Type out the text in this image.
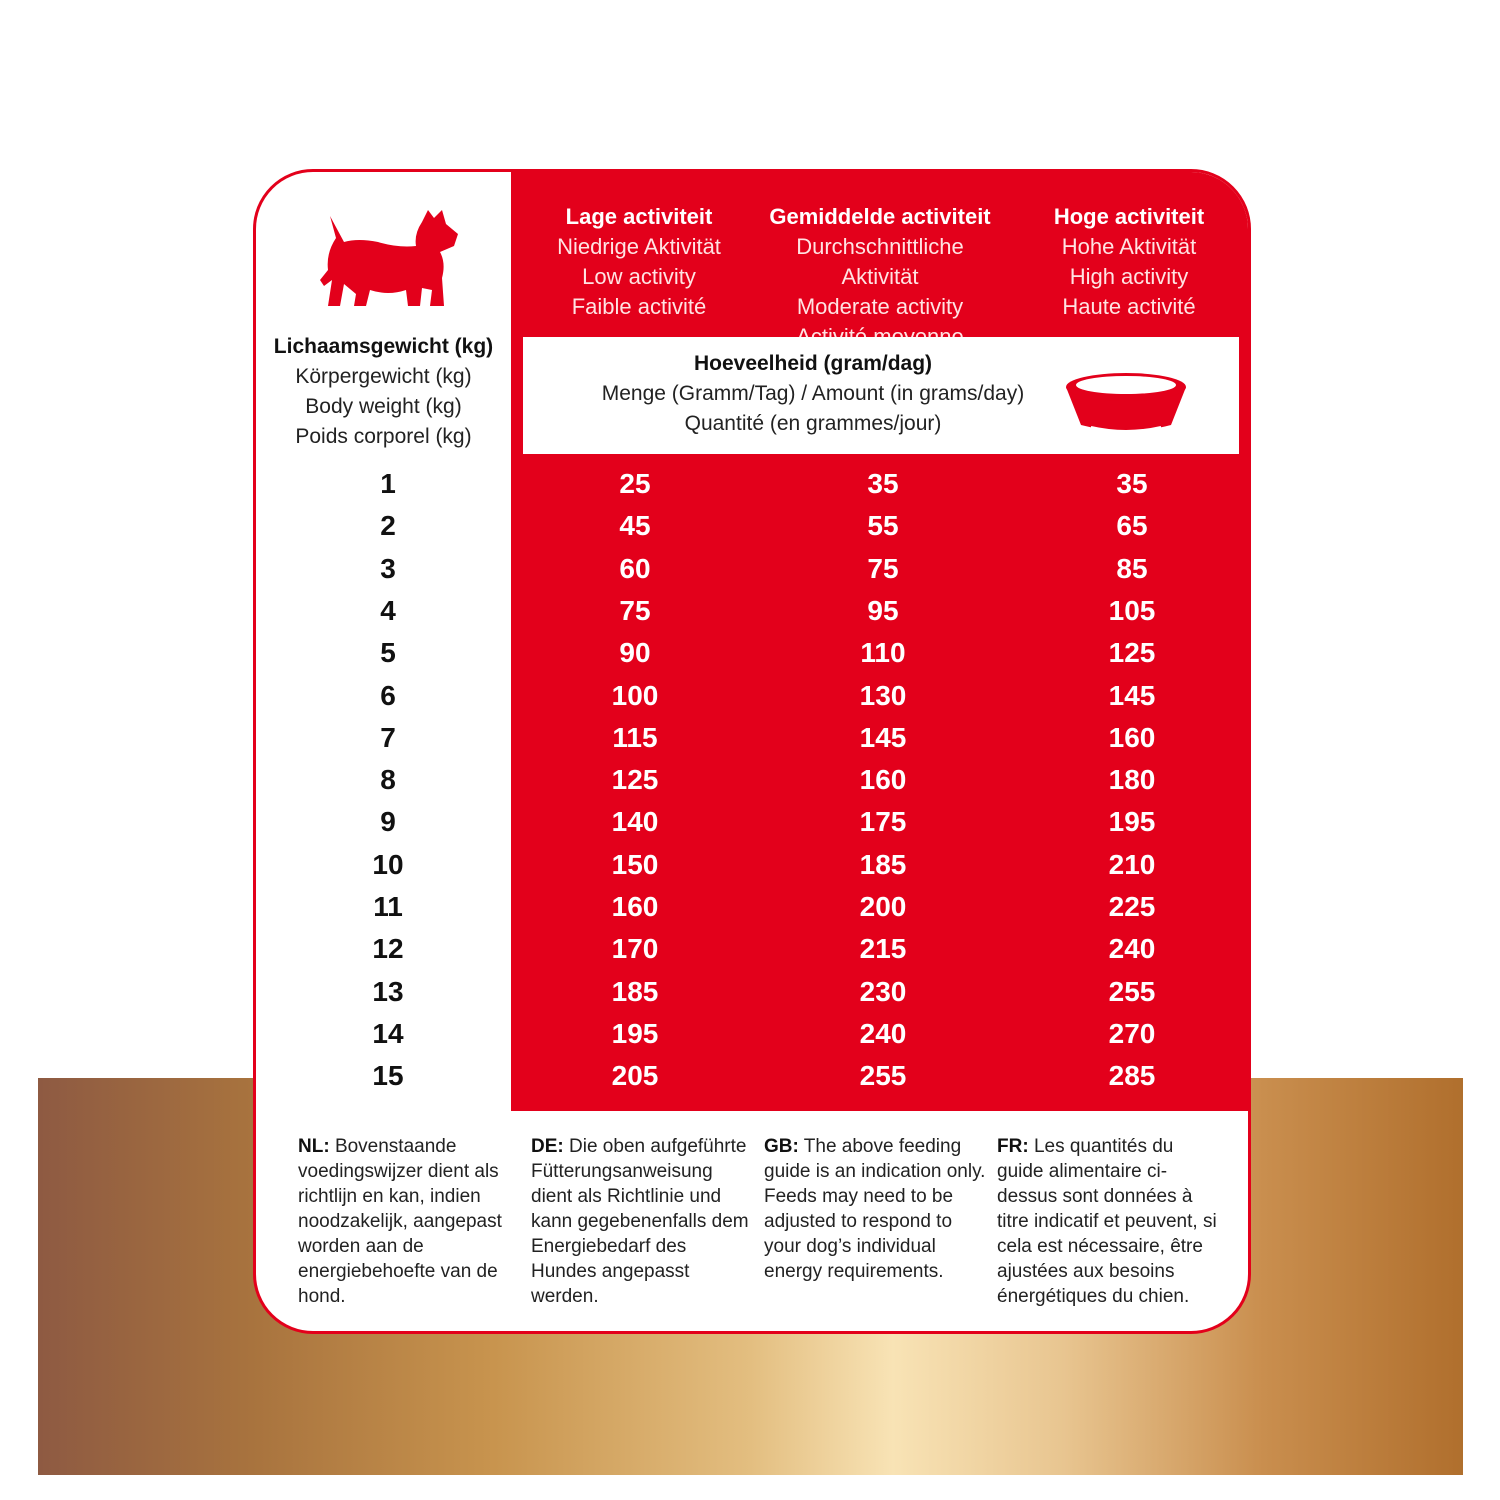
Lage activiteit
Niedrige Aktivität
Low activity
Faible activité
Gemiddelde activiteit
Durchschnittliche Aktivität
Moderate activity
Hoge activiteit
Hohe Aktivität
High activity
Haute activité
Hoeveelheid (gram/dag)
Menge (Gramm/Tag) / Amount (in grams/day)
Quantité (en grammes/jour)
Lichaamsgewicht (kg)
Körpergewicht (kg)
Body weight (kg)
Poids corporel (kg)
1	25	35	35
2	45	55	65
3	60	75	85
4	75	95	105
5	90	110	125
6	100	130	145
7	115	145	160
8	125	160	180
9	140	175	195
10	150	185	210
11	160	200	225
12	170	215	240
13	185	230	255
14	195	240	270
15	205	255	285
NL: Bovenstaande voedingswijzer dient als richtlijn en kan, indien noodzakelijk, aangepast worden aan de energiebehoefte van de hond.
DE: Die oben aufgeführte Fütterungsanweisung dient als Richtlinie und kann gegebenenfalls dem Energiebedarf des Hundes angepasst werden.
GB: The above feeding guide is an indication only. Feeds may need to be adjusted to respond to your dog’s individual energy requirements.
FR: Les quantités du guide alimentaire ci-dessus sont données à titre indicatif et peuvent, si cela est nécessaire, être ajustées aux besoins énergétiques du chien.
